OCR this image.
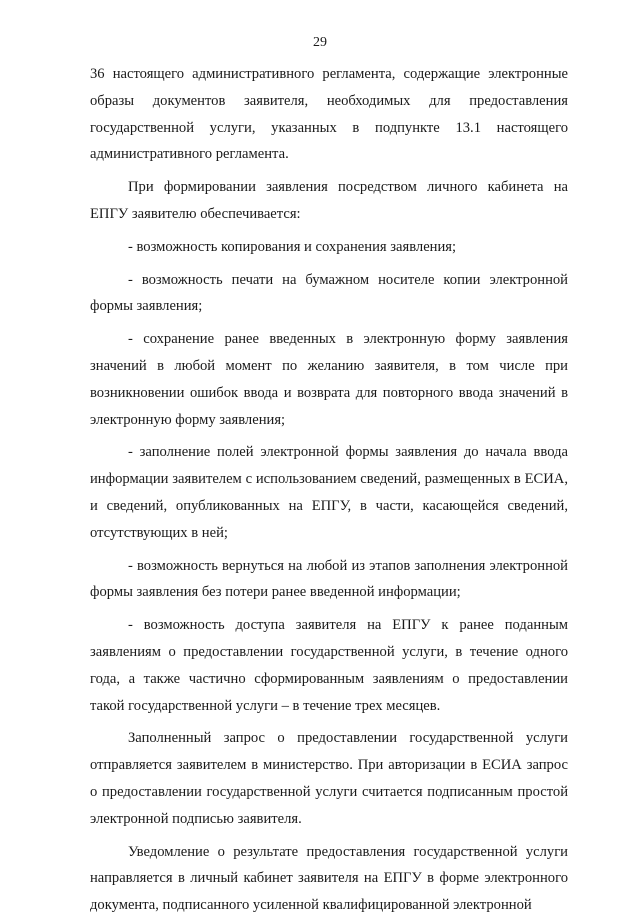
29

36 настоящего административного регламента, содержащие электронные образы документов заявителя, необходимых для предоставления государственной услуги, указанных в подпункте 13.1 настоящего административного регламента.

При формировании заявления посредством личного кабинета на ЕПГУ заявителю обеспечивается:

- возможность копирования и сохранения заявления;

- возможность печати на бумажном носителе копии электронной формы заявления;

- сохранение ранее введенных в электронную форму заявления значений в любой момент по желанию заявителя, в том числе при возникновении ошибок ввода и возврата для повторного ввода значений в электронную форму заявления;

- заполнение полей электронной формы заявления до начала ввода информации заявителем с использованием сведений, размещенных в ЕСИА, и сведений, опубликованных на ЕПГУ, в части, касающейся сведений, отсутствующих в ней;

- возможность вернуться на любой из этапов заполнения электронной формы заявления без потери ранее введенной информации;

- возможность доступа заявителя на ЕПГУ к ранее поданным заявлениям о предоставлении государственной услуги, в течение одного года, а также частично сформированным заявлениям о предоставлении такой государственной услуги – в течение трех месяцев.

Заполненный запрос о предоставлении государственной услуги отправляется заявителем в министерство. При авторизации в ЕСИА запрос о предоставлении государственной услуги считается подписанным простой электронной подписью заявителя.

Уведомление о результате предоставления государственной услуги направляется в личный кабинет заявителя на ЕПГУ в форме электронного документа, подписанного усиленной квалифицированной электронной
